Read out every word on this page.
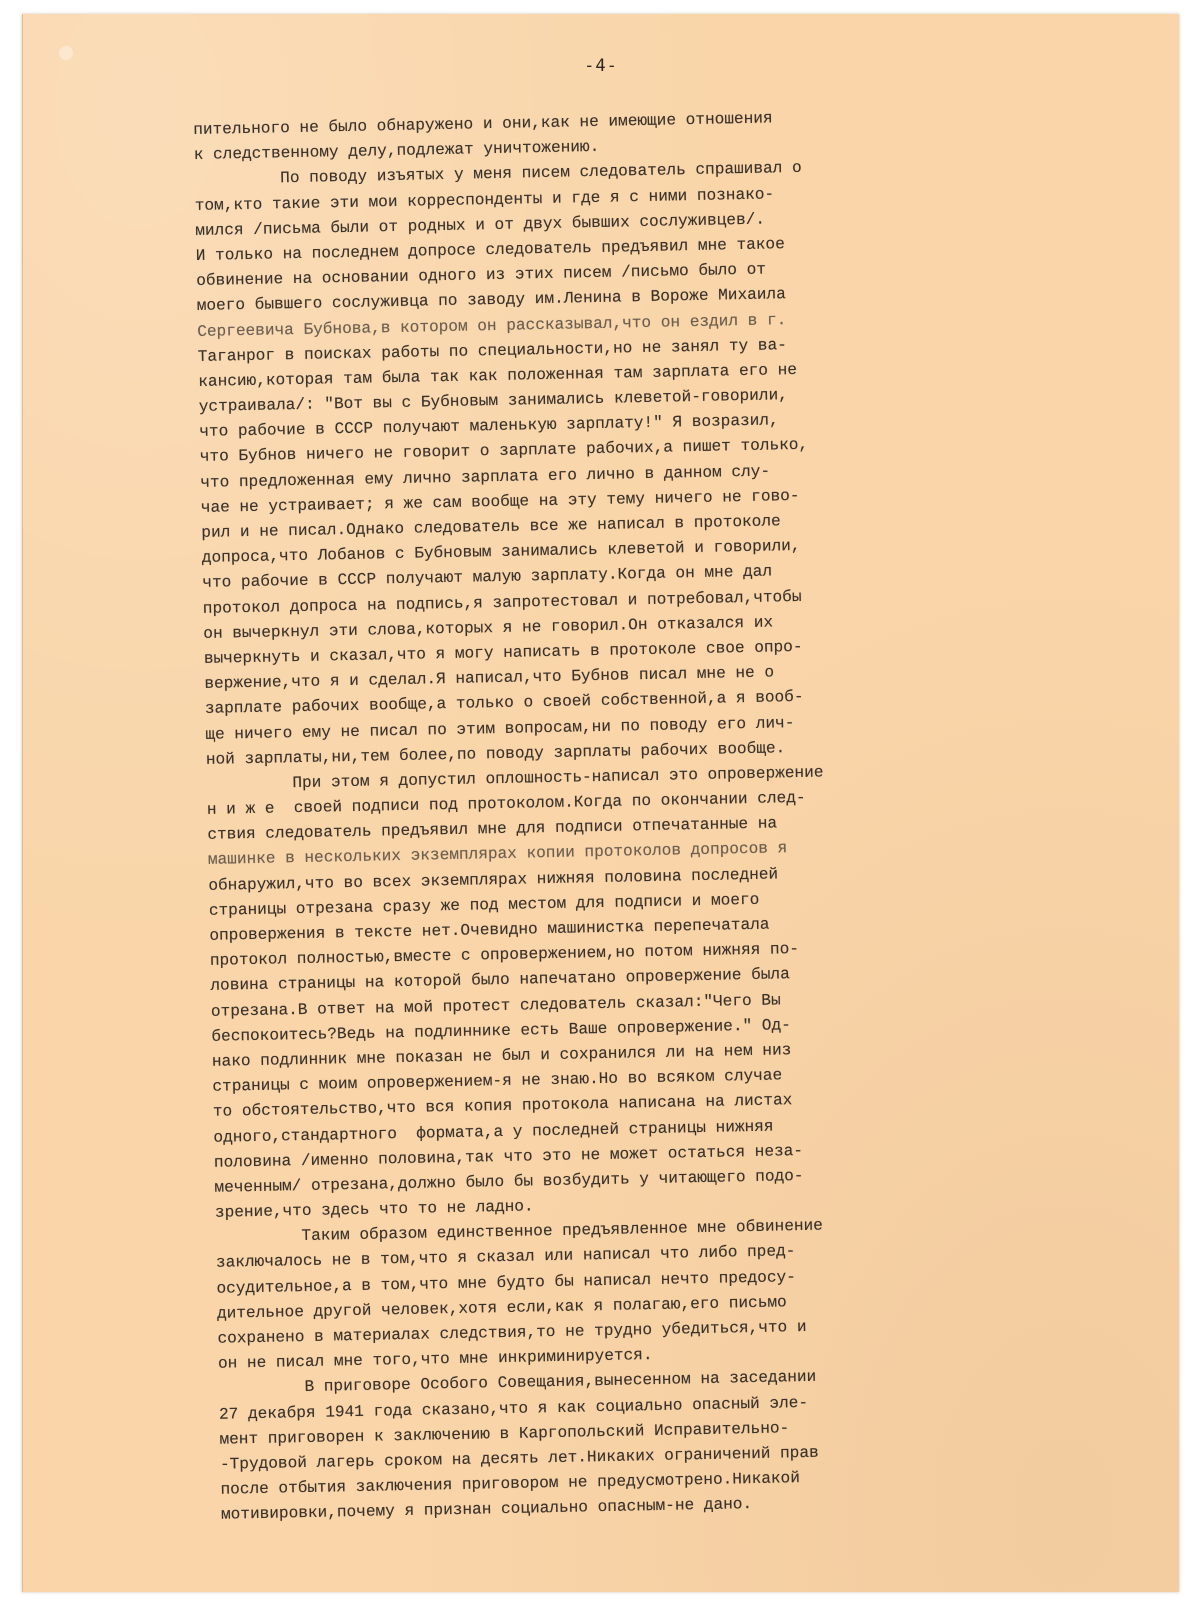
-4-
пительного не было обнаружено и они,как не имеющие отношения
к следственному делу,подлежат уничтожению.
По поводу изъятых у меня писем следователь спрашивал о
том,кто такие эти мои корреспонденты и где я с ними познако-
мился /письма были от родных и от двух бывших сослуживцев/.
И только на последнем допросе следователь предъявил мне такое
обвинение на основании одного из этих писем /письмо было от
моего бывшего сослуживца по заводу им.Ленина в Вороже Михаила
Сергеевича Бубнова,в котором он рассказывал,что он ездил в г.
Таганрог в поисках работы по специальности,но не занял ту ва-
кансию,которая там была так как положенная там зарплата его не
устраивала/: "Вот вы с Бубновым занимались клеветой-говорили,
что рабочие в СССР получают маленькую зарплату!" Я возразил,
что Бубнов ничего не говорит о зарплате рабочих,а пишет только,
что предложенная ему лично зарплата его лично в данном слу-
чае не устраивает; я же сам вообще на эту тему ничего не гово-
рил и не писал.Однако следователь все же написал в протоколе
допроса,что Лобанов с Бубновым занимались клеветой и говорили,
что рабочие в СССР получают малую зарплату.Когда он мне дал
протокол допроса на подпись,я запротестовал и потребовал,чтобы
он вычеркнул эти слова,которых я не говорил.Он отказался их
вычеркнуть и сказал,что я могу написать в протоколе свое опро-
вержение,что я и сделал.Я написал,что Бубнов писал мне не о
зарплате рабочих вообще,а только о своей собственной,а я вооб-
ще ничего ему не писал по этим вопросам,ни по поводу его лич-
ной зарплаты,ни,тем более,по поводу зарплаты рабочих вообще.
При этом я допустил оплошность-написал это опровержение
н и ж е  своей подписи под протоколом.Когда по окончании след-
ствия следователь предъявил мне для подписи отпечатанные на
машинке в нескольких экземплярах копии протоколов допросов я
обнаружил,что во всех экземплярах нижняя половина последней
страницы отрезана сразу же под местом для подписи и моего
опровержения в тексте нет.Очевидно машинистка перепечатала
протокол полностью,вместе с опровержением,но потом нижняя по-
ловина страницы на которой было напечатано опровержение была
отрезана.В ответ на мой протест следователь сказал:"Чего Вы
беспокоитесь?Ведь на подлиннике есть Ваше опровержение." Од-
нако подлинник мне показан не был и сохранился ли на нем низ
страницы с моим опровержением-я не знаю.Но во всяком случае
то обстоятельство,что вся копия протокола написана на листах
одного,стандартного  формата,а у последней страницы нижняя
половина /именно половина,так что это не может остаться неза-
меченным/ отрезана,должно было бы возбудить у читающего подо-
зрение,что здесь что то не ладно.
Таким образом единственное предъявленное мне обвинение
заключалось не в том,что я сказал или написал что либо пред-
осудительное,а в том,что мне будто бы написал нечто предосу-
дительное другой человек,хотя если,как я полагаю,его письмо
сохранено в материалах следствия,то не трудно убедиться,что и
он не писал мне того,что мне инкриминируется.
В приговоре Особого Совещания,вынесенном на заседании
27 декабря 1941 года сказано,что я как социально опасный эле-
мент приговорен к заключению в Каргопольский Исправительно-
-Трудовой лагерь сроком на десять лет.Никаких ограничений прав
после отбытия заключения приговором не предусмотрено.Никакой
мотивировки,почему я признан социально опасным-не дано.
